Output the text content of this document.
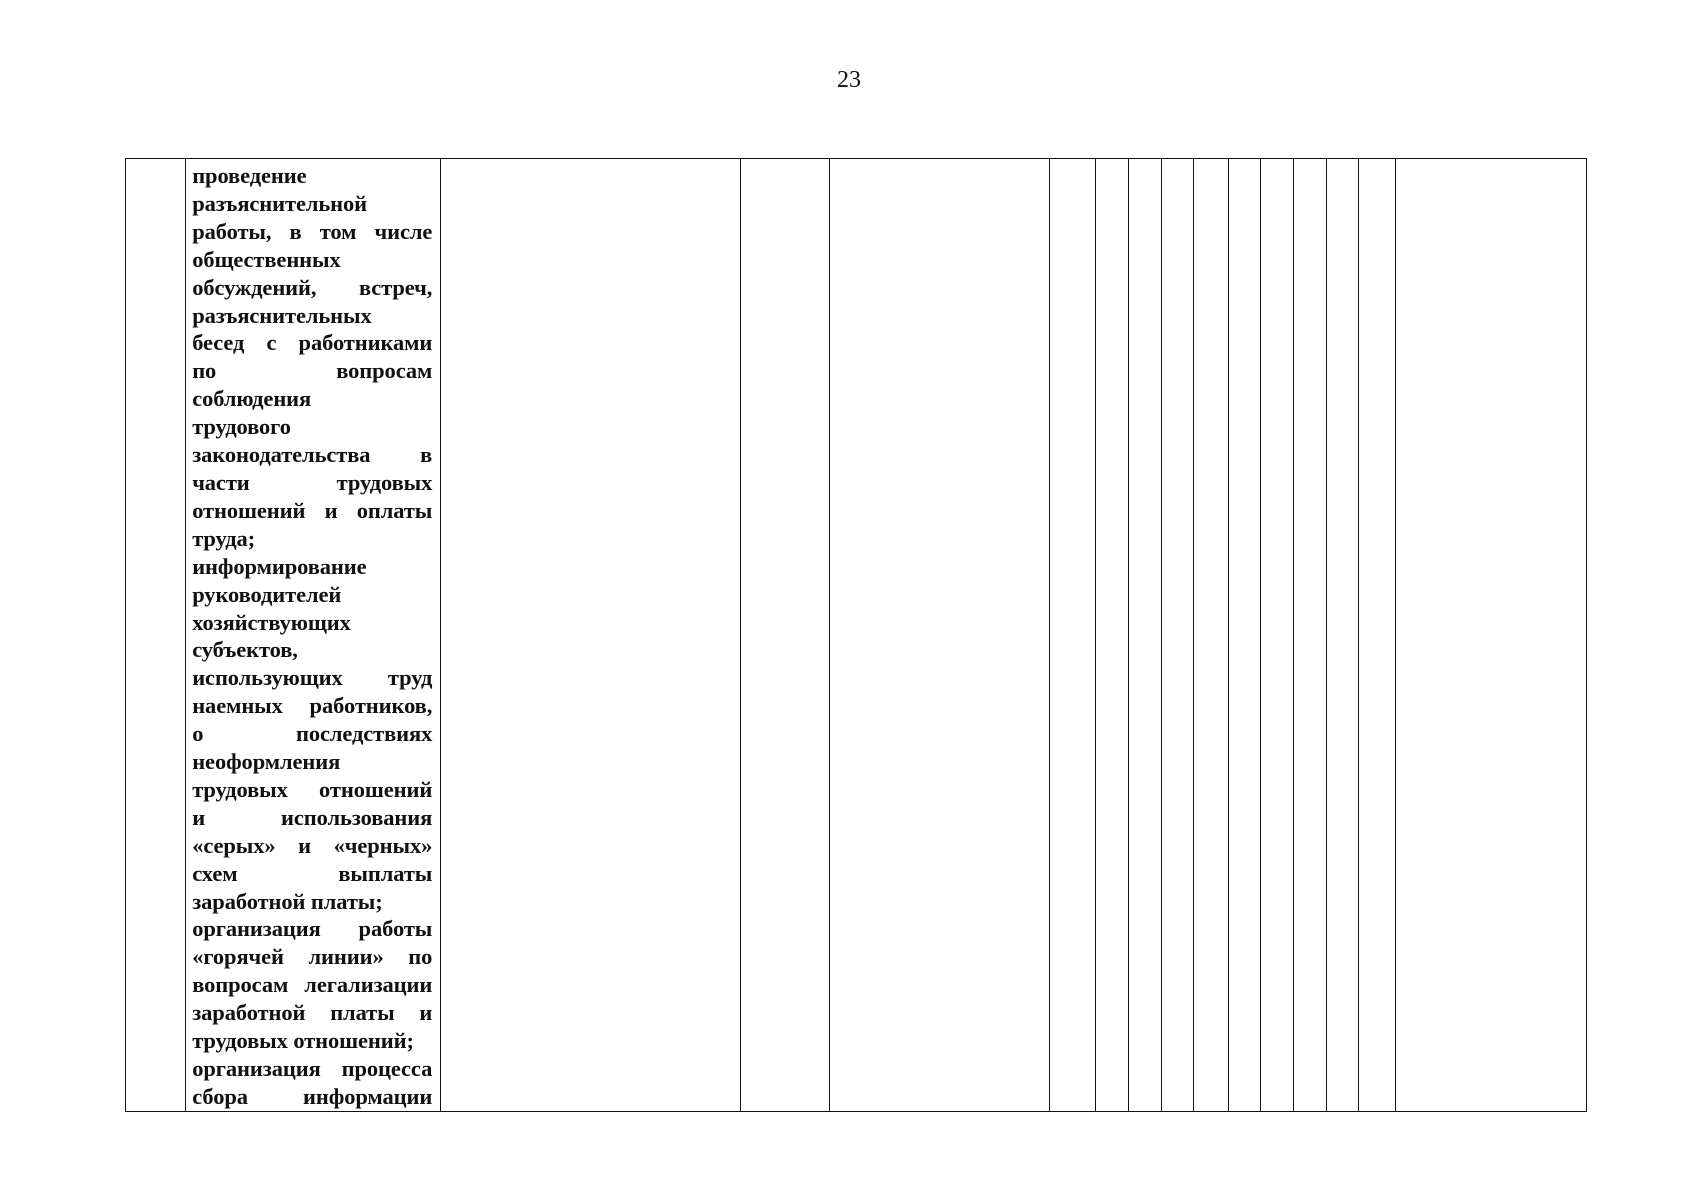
23

проведение
разъяснительной
работы, в том числе
общественных
обсуждений, встреч,
разъяснительных
бесед с работниками
по вопросам
соблюдения
трудового
законодательства в
части трудовых
отношений и оплаты
труда;
информирование
руководителей
хозяйствующих
субъектов,
использующих труд
наемных работников,
о последствиях
неоформления
трудовых отношений
и использования
«серых» и «черных»
схем выплаты
заработной платы;
организация работы
«горячей линии» по
вопросам легализации
заработной платы и
трудовых отношений;
организация процесса
сбора информации
